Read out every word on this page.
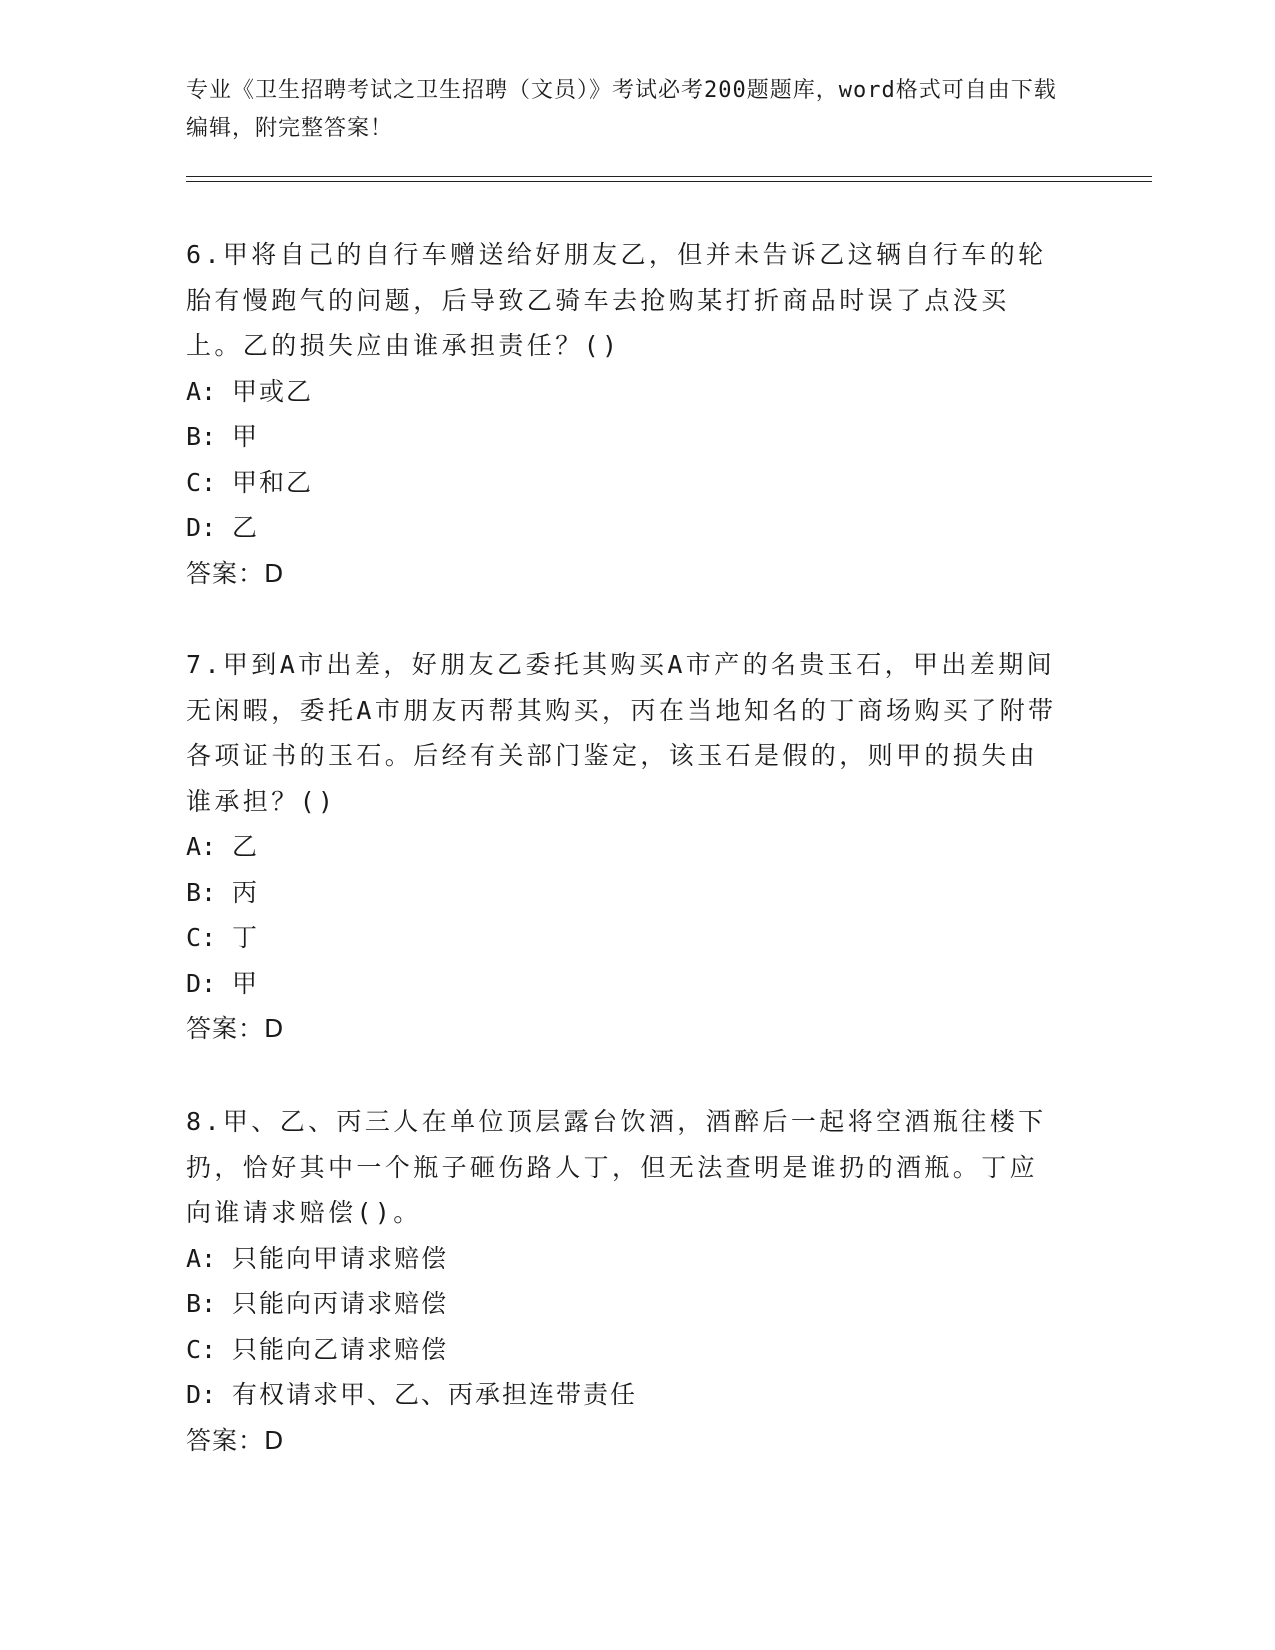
专业《卫生招聘考试之卫生招聘（文员）》考试必考200题题库，word格式可自由下载编辑，附完整答案！

6.甲将自己的自行车赠送给好朋友乙，但并未告诉乙这辆自行车的轮胎有慢跑气的问题，后导致乙骑车去抢购某打折商品时误了点没买上。乙的损失应由谁承担责任？()

A: 甲或乙

B: 甲

C: 甲和乙

D: 乙

答案：D

7.甲到A市出差，好朋友乙委托其购买A市产的名贵玉石，甲出差期间无闲暇，委托A市朋友丙帮其购买，丙在当地知名的丁商场购买了附带各项证书的玉石。后经有关部门鉴定，该玉石是假的，则甲的损失由谁承担？()

A: 乙

B: 丙

C: 丁

D: 甲

答案：D

8.甲、乙、丙三人在单位顶层露台饮酒，酒醉后一起将空酒瓶往楼下扔，恰好其中一个瓶子砸伤路人丁，但无法查明是谁扔的酒瓶。丁应向谁请求赔偿()。

A: 只能向甲请求赔偿

B: 只能向丙请求赔偿

C: 只能向乙请求赔偿

D: 有权请求甲、乙、丙承担连带责任

答案：D
